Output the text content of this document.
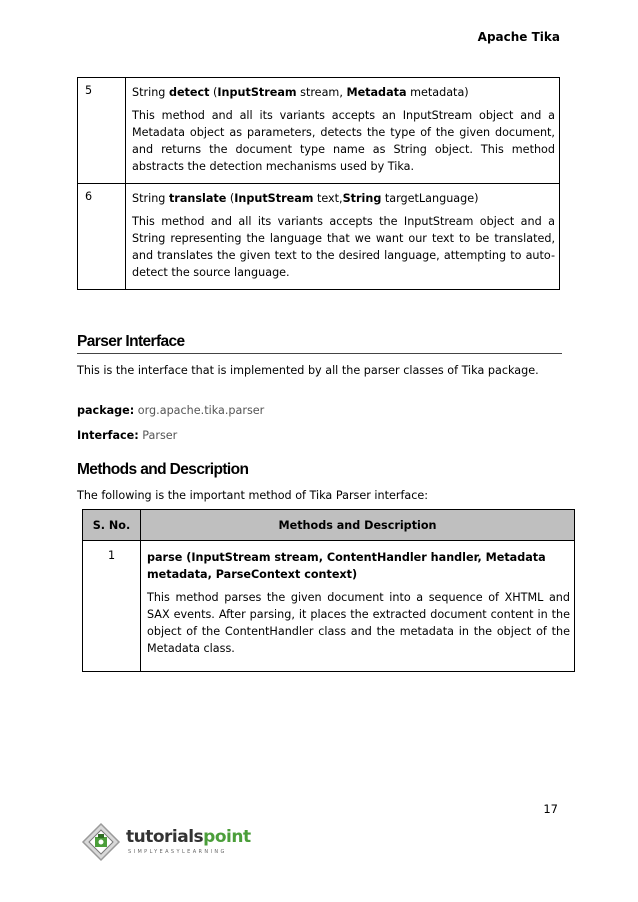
Apache Tika
5	String detect (InputStream stream, Metadata metadata)

This method and all its variants accepts an InputStream object and a Metadata object as parameters, detects the type of the given document, and returns the document type name as String object. This method abstracts the detection mechanisms used by Tika.

6	String translate (InputStream text,String targetLanguage)

This method and all its variants accepts the InputStream object and a String representing the language that we want our text to be translated, and translates the given text to the desired language, attempting to auto-detect the source language.

Parser Interface

This is the interface that is implemented by all the parser classes of Tika package.

package: org.apache.tika.parser

Interface: Parser

Methods and Description

The following is the important method of Tika Parser interface:

S. No.	Methods and Description
1	parse (InputStream stream, ContentHandler handler, Metadata metadata, ParseContext context)

This method parses the given document into a sequence of XHTML and SAX events. After parsing, it places the extracted document content in the object of the ContentHandler class and the metadata in the object of the Metadata class.

17
tutorialspoint
SIMPLYEASYLEARNING
